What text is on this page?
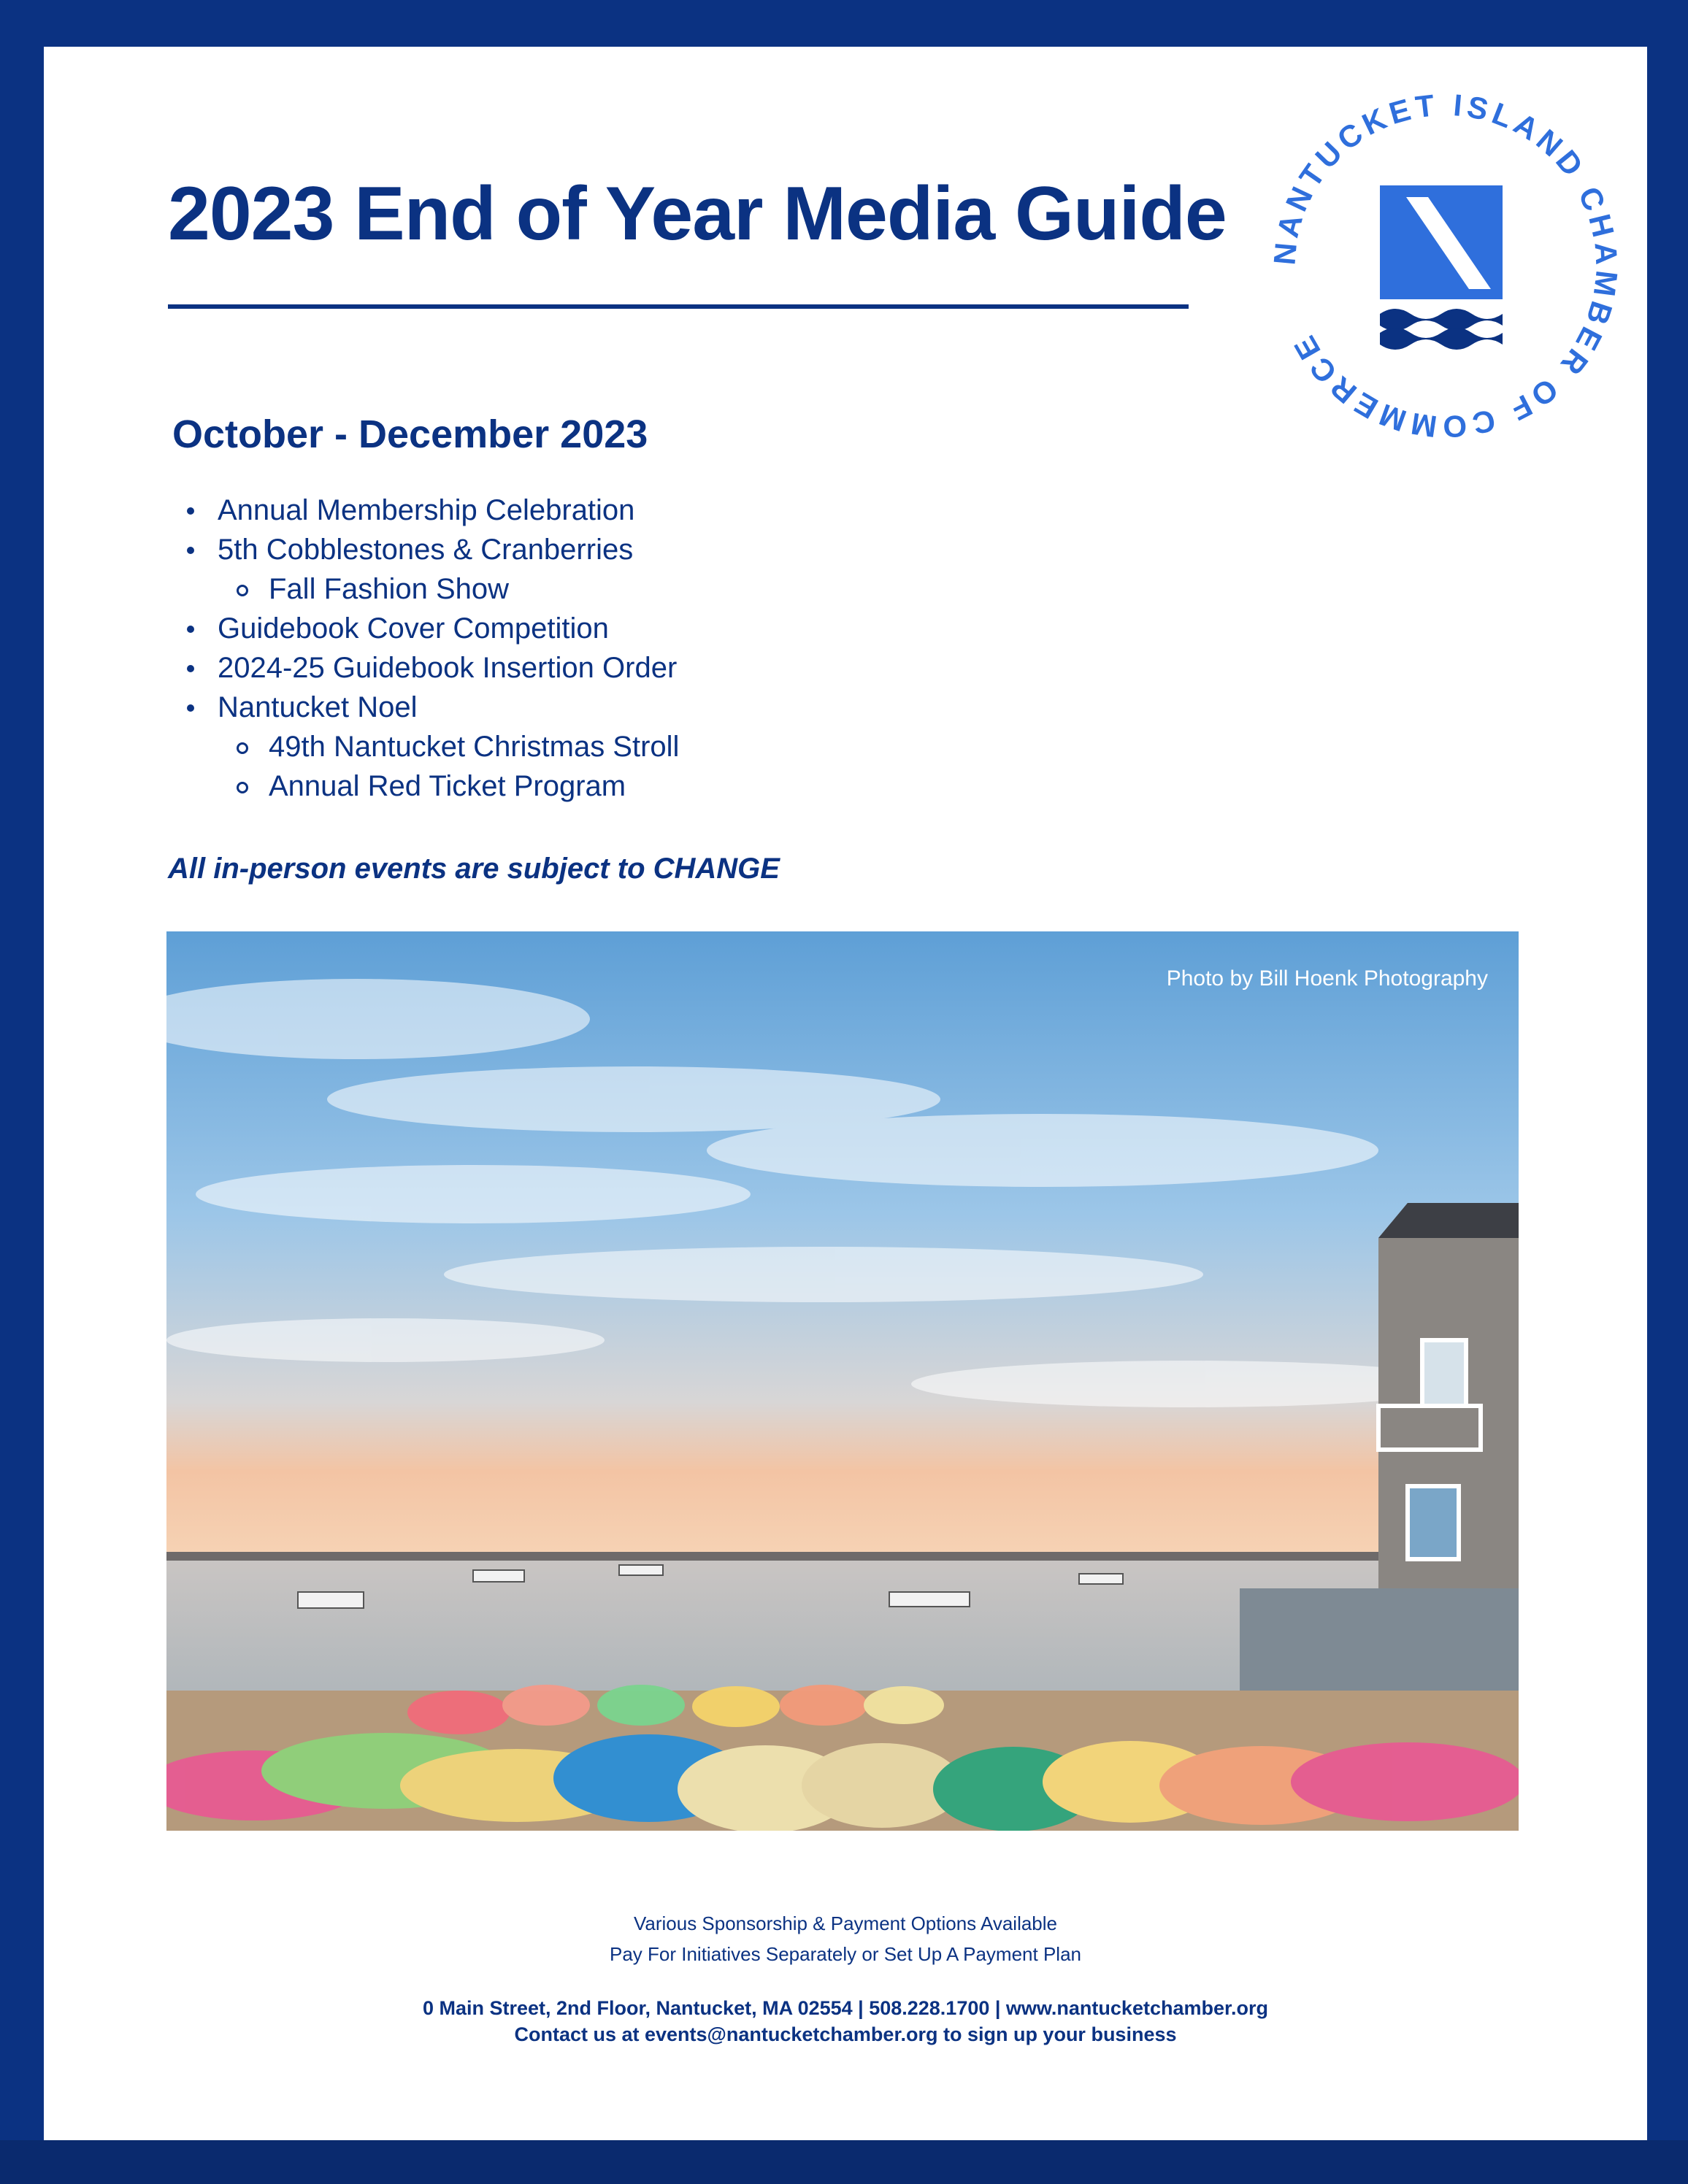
2023 End of Year Media Guide NANTUCKET ISLAND CHAMBER OF COMMERCE
October - December 2023
Annual Membership Celebration
5th Cobblestones & Cranberries
Fall Fashion Show
Guidebook Cover Competition
2024-25 Guidebook Insertion Order
Nantucket Noel
49th Nantucket Christmas Stroll
Annual Red Ticket Program

All in-person events are subject to CHANGE

Photo by Bill Hoenk Photography
Various Sponsorship & Payment Options Available
Pay For Initiatives Separately or Set Up A Payment Plan
0 Main Street, 2nd Floor, Nantucket, MA 02554 | 508.228.1700 | www.nantucketchamber.org
Contact us at events@nantucketchamber.org to sign up your business
